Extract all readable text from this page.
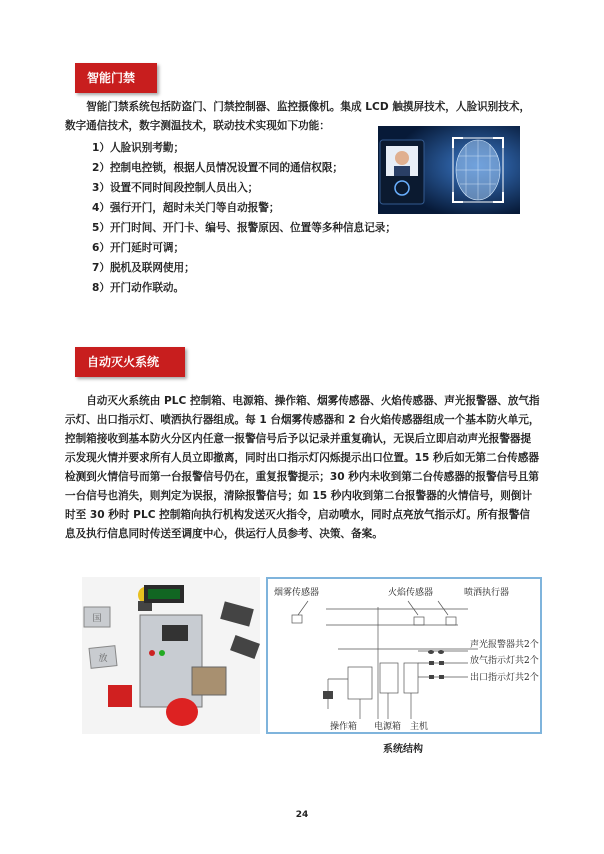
智能门禁

智能门禁系统包括防盗门、门禁控制器、监控摄像机。集成 LCD 触摸屏技术，人脸识别技术，

数字通信技术，数字测温技术，联动技术实现如下功能：
1）人脸识别考勤；
2）控制电控锁，根据人员情况设置不同的通信权限；
3）设置不同时间段控制人员出入；
4）强行开门，超时未关门等自动报警；
5）开门时间、开门卡、编号、报警原因、位置等多种信息记录；
6）开门延时可调；
7）脱机及联网使用；
8）开门动作联动。
自动灭火系统

自动灭火系统由 PLC 控制箱、电源箱、操作箱、烟雾传感器、火焰传感器、声光报警器、放气指示灯、出口指示灯、喷洒执行器组成。每 1 台烟雾传感器和 2 台火焰传感器组成一个基本防火单元，控制箱接收到基本防火分区内任意一报警信号后予以记录并重复确认，无误后立即启动声光报警器提示发现火情并要求所有人员立即撤离，同时出口指示灯闪烁提示出口位置。15 秒后如无第二台传感器检测到火情信号而第一台报警信号仍在，重复报警提示；30 秒内未收到第二台传感器的报警信号且第一台信号也消失，则判定为误报，清除报警信号；如 15 秒内收到第二台报警器的火情信号，则倒计时至 30 秒时 PLC 控制箱向执行机构发送灭火指令，启动喷水，同时点亮放气指示灯。所有报警信息及执行信息同时传送至调度中心，供运行人员参考、决策、备案。

国
放
烟雾传感器	火焰传感器	喷洒执行器
声光报警器共2个
放气指示灯共2个
出口指示灯共2个
操作箱 电源箱 主机
系统结构
24
